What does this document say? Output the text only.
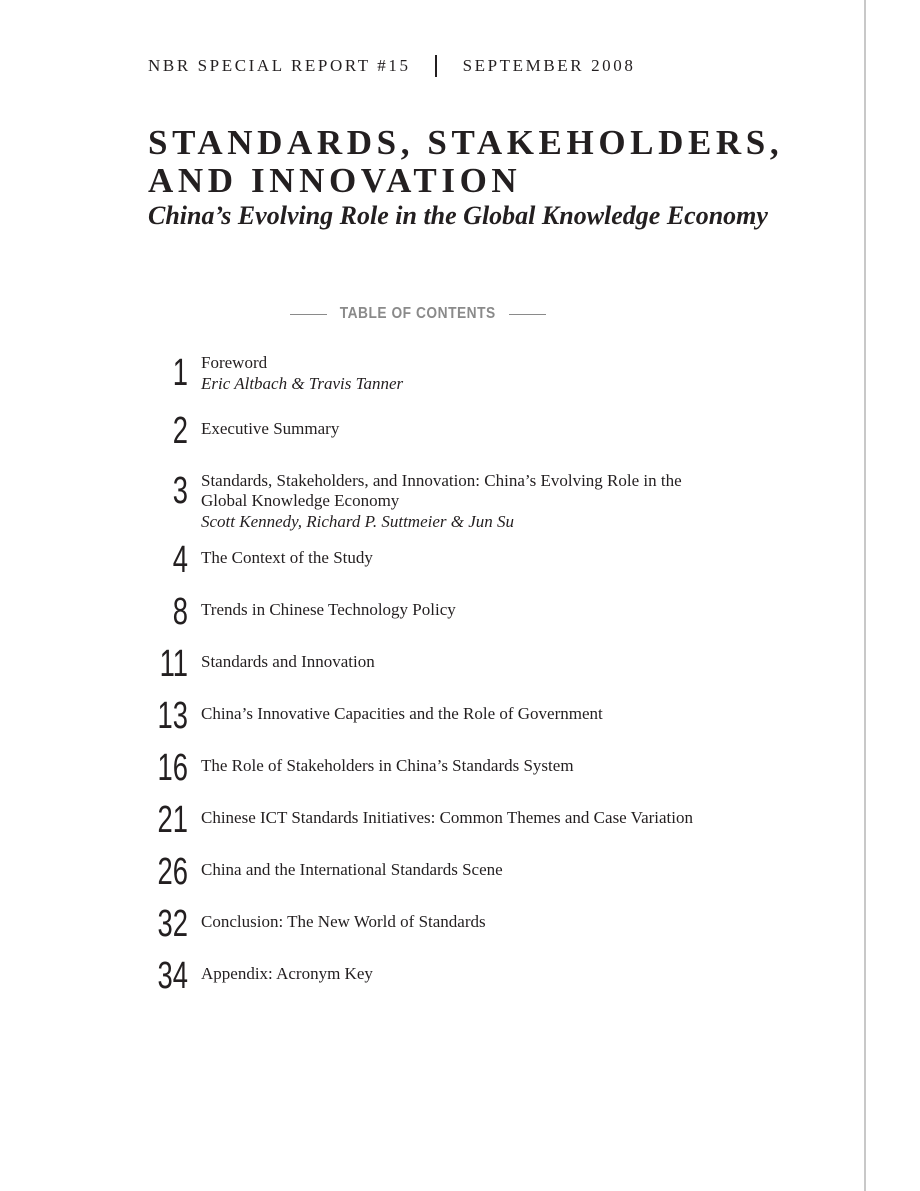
NBR SPECIAL REPORT #15	SEPTEMBER 2008
STANDARDS, STAKEHOLDERS,
AND INNOVATION
China’s Evolving Role in the Global Knowledge Economy
TABLE OF CONTENTS
1 Foreword
Eric Altbach & Travis Tanner
2 Executive Summary
3 Standards, Stakeholders, and Innovation: China’s Evolving Role in the Global Knowledge Economy
Scott Kennedy, Richard P. Suttmeier & Jun Su
4 The Context of the Study
8 Trends in Chinese Technology Policy
11 Standards and Innovation
13 China’s Innovative Capacities and the Role of Government
16 The Role of Stakeholders in China’s Standards System
21 Chinese ICT Standards Initiatives: Common Themes and Case Variation
26 China and the International Standards Scene
32 Conclusion: The New World of Standards
34 Appendix: Acronym Key
